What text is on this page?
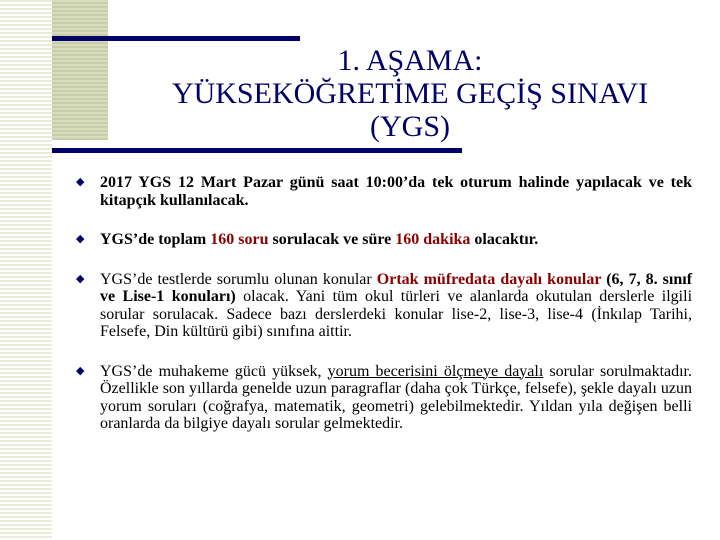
1. AŞAMA:
YÜKSEKÖĞRETİME GEÇİŞ SINAVI
(YGS)
◆ 2017 YGS 12 Mart Pazar günü saat 10:00’da tek oturum halinde yapılacak ve tek kitapçık kullanılacak.
◆ YGS’de toplam 160 soru sorulacak ve süre 160 dakika olacaktır.
◆ YGS’de testlerde sorumlu olunan konular Ortak müfredata dayalı konular (6, 7, 8. sınıf ve Lise-1 konuları) olacak. Yani tüm okul türleri ve alanlarda okutulan derslerle ilgili sorular sorulacak. Sadece bazı derslerdeki konular lise-2, lise-3, lise-4 (İnkılap Tarihi, Felsefe, Din kültürü gibi) sınıfına aittir.
◆ YGS’de muhakeme gücü yüksek, yorum becerisini ölçmeye dayalı sorular sorulmaktadır. Özellikle son yıllarda genelde uzun paragraflar (daha çok Türkçe, felsefe), şekle dayalı uzun yorum soruları (coğrafya, matematik, geometri) gelebilmektedir. Yıldan yıla değişen belli oranlarda da bilgiye dayalı sorular gelmektedir.
